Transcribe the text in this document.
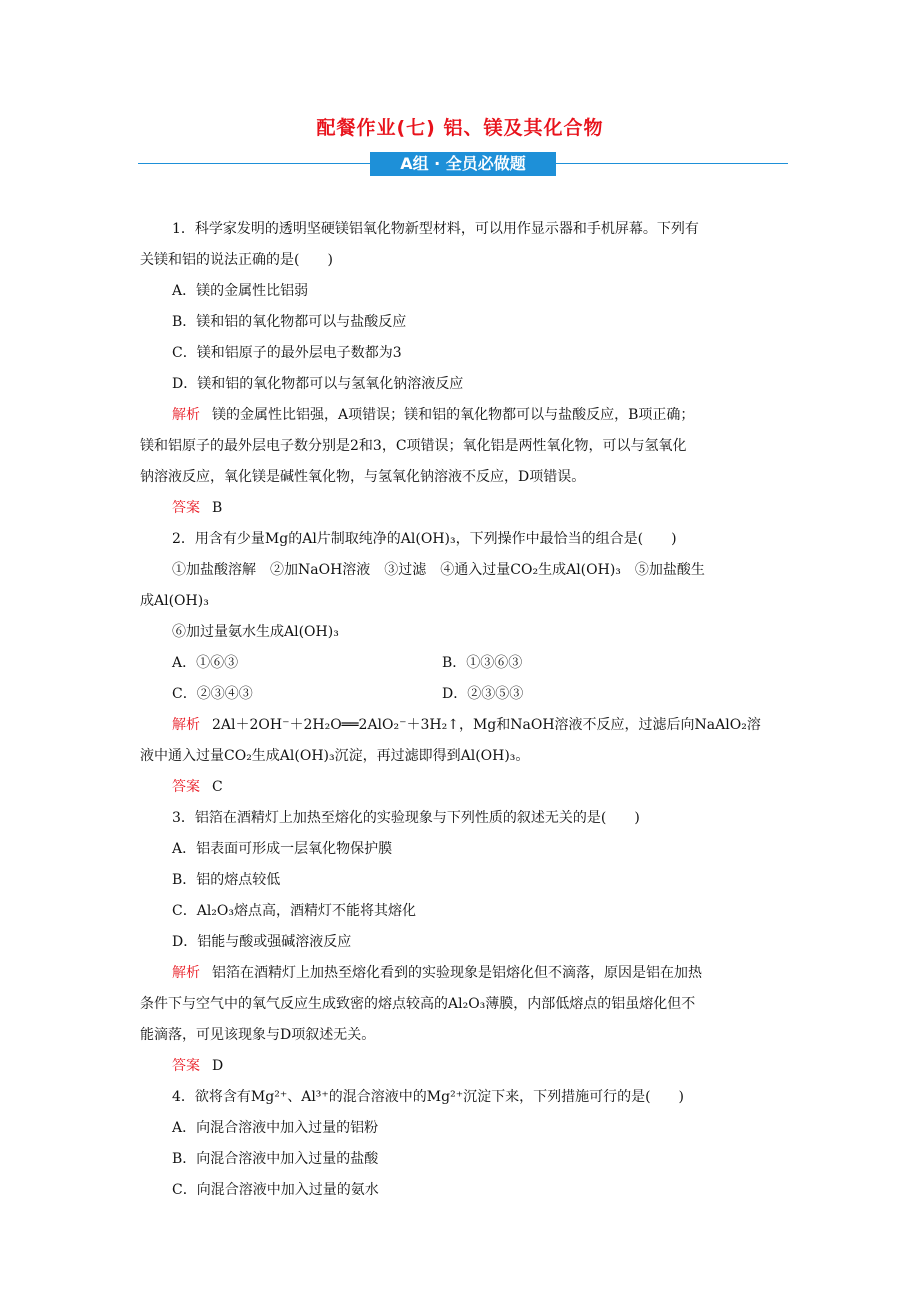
配餐作业(七) 铝、镁及其化合物
A组 · 全员必做题

1．科学家发明的透明坚硬镁铝氧化物新型材料，可以用作显示器和手机屏幕。下列有

关镁和铝的说法正确的是(　　)

A．镁的金属性比铝弱

B．镁和铝的氧化物都可以与盐酸反应

C．镁和铝原子的最外层电子数都为3

D．镁和铝的氧化物都可以与氢氧化钠溶液反应

解析 镁的金属性比铝强，A项错误；镁和铝的氧化物都可以与盐酸反应，B项正确；

镁和铝原子的最外层电子数分别是2和3，C项错误；氧化铝是两性氧化物，可以与氢氧化

钠溶液反应，氧化镁是碱性氧化物，与氢氧化钠溶液不反应，D项错误。

答案 B

2．用含有少量Mg的Al片制取纯净的Al(OH)₃，下列操作中最恰当的组合是(　　)

①加盐酸溶解　②加NaOH溶液　③过滤　④通入过量CO₂生成Al(OH)₃　⑤加盐酸生

成Al(OH)₃

⑥加过量氨水生成Al(OH)₃

A．①⑥③	B．①③⑥③

C．②③④③	D．②③⑤③

解析 2Al＋2OH⁻＋2H₂O══2AlO₂⁻＋3H₂↑，Mg和NaOH溶液不反应，过滤后向NaAlO₂溶

液中通入过量CO₂生成Al(OH)₃沉淀，再过滤即得到Al(OH)₃。

答案 C

3．铝箔在酒精灯上加热至熔化的实验现象与下列性质的叙述无关的是(　　)

A．铝表面可形成一层氧化物保护膜

B．铝的熔点较低

C．Al₂O₃熔点高，酒精灯不能将其熔化

D．铝能与酸或强碱溶液反应

解析 铝箔在酒精灯上加热至熔化看到的实验现象是铝熔化但不滴落，原因是铝在加热

条件下与空气中的氧气反应生成致密的熔点较高的Al₂O₃薄膜，内部低熔点的铝虽熔化但不

能滴落，可见该现象与D项叙述无关。

答案 D

4．欲将含有Mg²⁺、Al³⁺的混合溶液中的Mg²⁺沉淀下来，下列措施可行的是(　　)

A．向混合溶液中加入过量的铝粉

B．向混合溶液中加入过量的盐酸

C．向混合溶液中加入过量的氨水
